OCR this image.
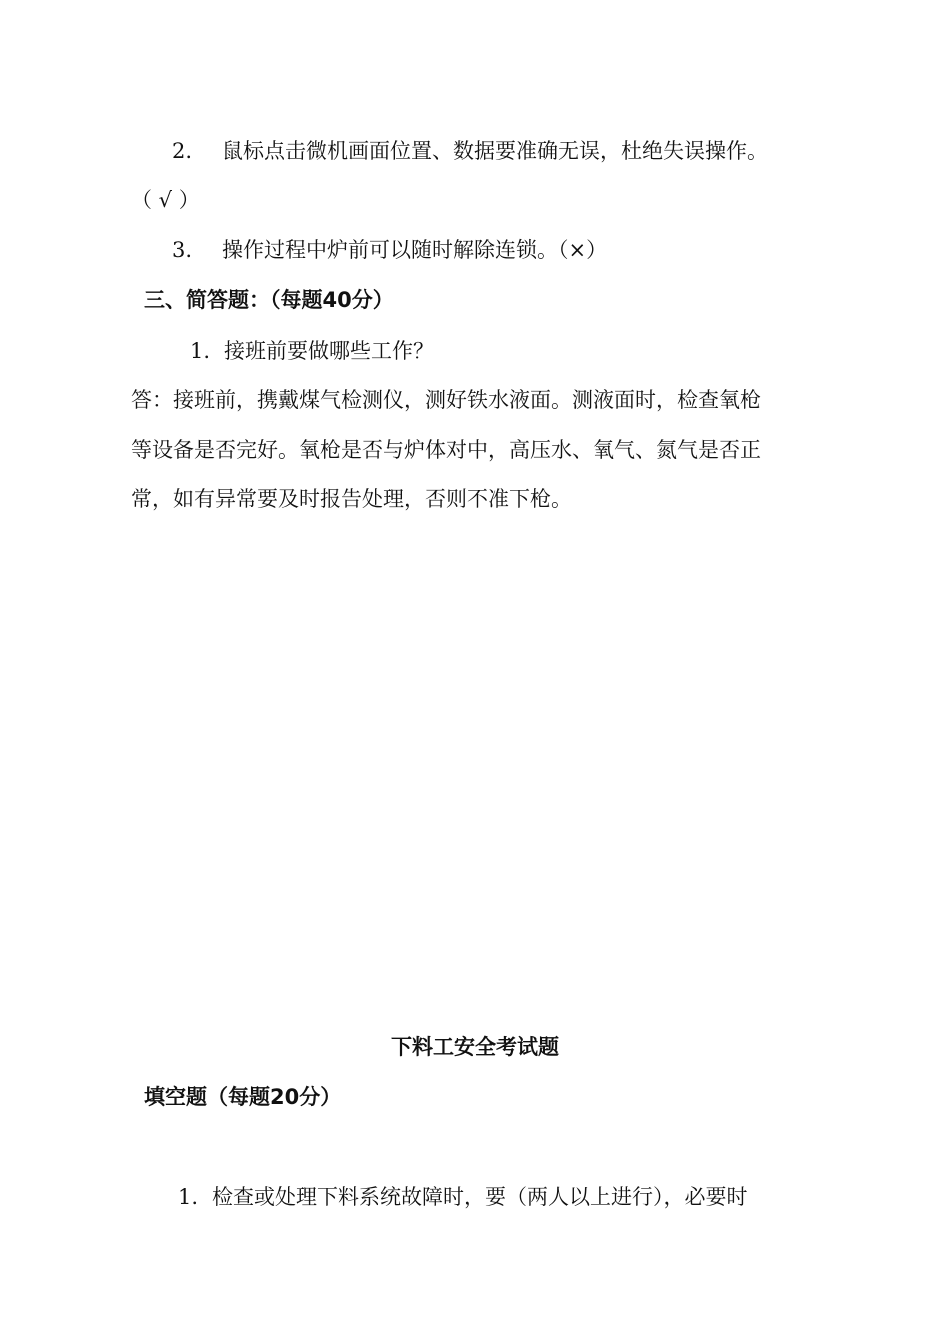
2. 鼠标点击微机画面位置、数据要准确无误，杜绝失误操作。
（ √ ）
3. 操作过程中炉前可以随时解除连锁。（×）
三、简答题：（每题40分）
1. 接班前要做哪些工作？
答：接班前，携戴煤气检测仪，测好铁水液面。测液面时，检查氧枪
等设备是否完好。氧枪是否与炉体对中，高压水、氧气、氮气是否正
常，如有异常要及时报告处理，否则不准下枪。
下料工安全考试题
填空题（每题20分）
1. 检查或处理下料系统故障时，要（两人以上进行），必要时
